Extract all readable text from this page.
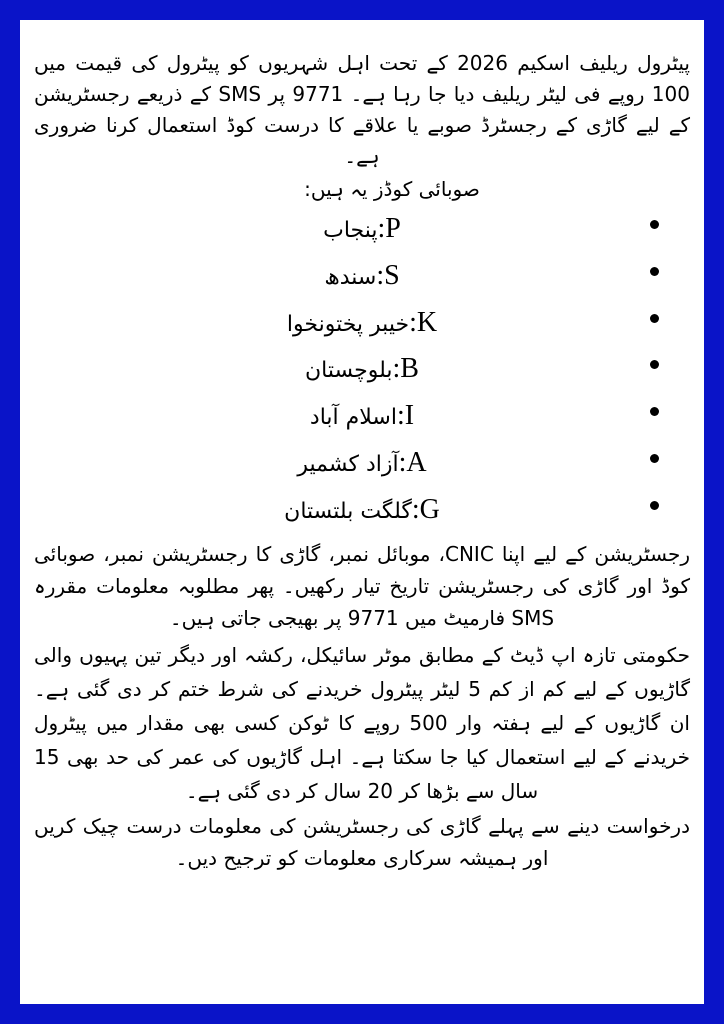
پیٹرول ریلیف اسکیم 2026 کے تحت اہل شہریوں کو پیٹرول کی قیمت میں 100 روپے فی لیٹر ریلیف دیا جا رہا ہے۔ 9771 پر SMS کے ذریعے رجسٹریشن کے لیے گاڑی کے رجسٹرڈ صوبے یا علاقے کا درست کوڈ استعمال کرنا ضروری ہے۔

صوبائی کوڈز یہ ہیں:

P:پنجاب
S:سندھ
K:خیبر پختونخوا
B:بلوچستان
I:اسلام آباد
A:آزاد کشمیر
G:گلگت بلتستان

رجسٹریشن کے لیے اپنا CNIC، موبائل نمبر، گاڑی کا رجسٹریشن نمبر، صوبائی کوڈ اور گاڑی کی رجسٹریشن تاریخ تیار رکھیں۔ پھر مطلوبہ معلومات مقررہ SMS فارمیٹ میں 9771 پر بھیجی جاتی ہیں۔

حکومتی تازہ اپ ڈیٹ کے مطابق موٹر سائیکل، رکشہ اور دیگر تین پہیوں والی گاڑیوں کے لیے کم از کم 5 لیٹر پیٹرول خریدنے کی شرط ختم کر دی گئی ہے۔ ان گاڑیوں کے لیے ہفتہ وار 500 روپے کا ٹوکن کسی بھی مقدار میں پیٹرول خریدنے کے لیے استعمال کیا جا سکتا ہے۔ اہل گاڑیوں کی عمر کی حد بھی 15 سال سے بڑھا کر 20 سال کر دی گئی ہے۔

درخواست دینے سے پہلے گاڑی کی رجسٹریشن کی معلومات درست چیک کریں اور ہمیشہ سرکاری معلومات کو ترجیح دیں۔
